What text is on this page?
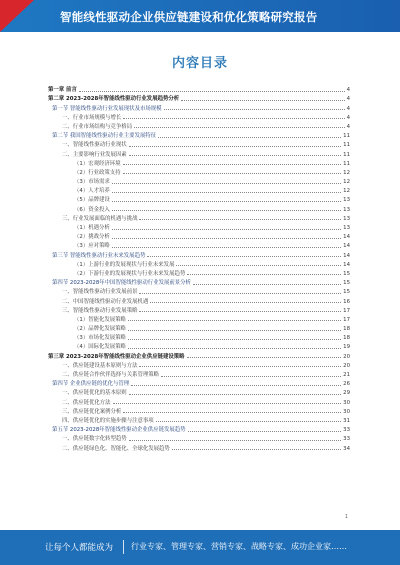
智能线性驱动企业供应链建设和优化策略研究报告
内容目录
第一章 前言	4
第二章 2023-2028年智能线性驱动行业发展趋势分析	4
第一节 智能线性驱动行业发展现状及市场规模	4
一、行业市场规模与增长	4
二、行业市场结构与竞争格局	4
第二节 我国智能线性驱动行业主要发展特征	11
一、智能线性驱动行业现状	11
二、主要影响行业发展因素	11
（1）宏观经济环境	11
（2）行业政策支持	12
（3）市场需求	12
（4）人才培养	12
（5）品牌建设	13
（6）资金投入	13
三、行业发展面临的机遇与挑战	13
（1）机遇分析	13
（2）挑战分析	14
（3）应对策略	14
第三节 智能线性驱动行业未来发展趋势	14
（1）上游行业的发展现状与行业未来发展	14
（2）下游行业的发展现状与行业未来发展趋势	15
第四节 2023-2028年中国智能线性驱动行业发展前景分析	15
一、智能线性驱动行业发展前景	15
二、中国智能线性驱动行业发展机遇	16
三、智能线性驱动行业发展策略	17
（1）智能化发展策略	17
（2）品牌化发展策略	18
（3）市场化发展策略	18
（4）国际化发展策略	19
第三章 2023-2028年智能线性驱动企业供应链建设策略	20
一、供应链建设基本原则与方法	20
二、供应链合作伙伴选择与关系管理策略	21
第四节 企业供应链的优化与管理	26
一、供应链优化的基本原则	29
二、供应链优化方法	30
三、供应链优化案例分析	30
四、供应链优化的实施步骤与注意事项	31
第五节 2023-2028年智能线性驱动企业供应链发展趋势	33
一、供应链数字化转型趋势	33
二、供应链绿色化、智能化、全球化发展趋势	34
1
让每个人都能成为 行业专家、管理专家、营销专家、战略专家、成功企业家……
